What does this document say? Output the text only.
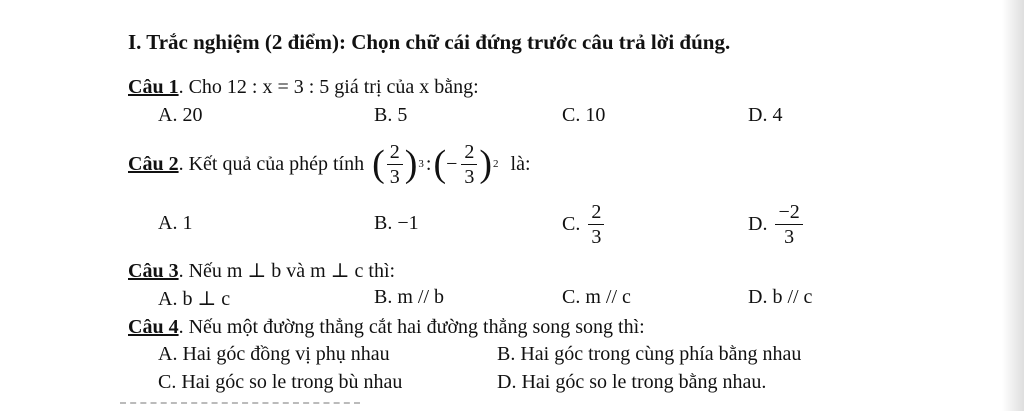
I. Trắc nghiệm (2 điểm): Chọn chữ cái đứng trước câu trả lời đúng.
Câu 1. Cho 12 : x = 3 : 5 giá trị của x bằng:
A. 20	B. 5	C. 10	D. 4
Câu 2 . Kết quả của phép tính ( $\frac{2}{3}$ ) 3 : ( − $\frac{2}{3}$ ) 2 là:
A. 1	B. −1	C. $\frac{2}{3}$	D. $\frac{-2}{3}$
Câu 3. Nếu m ⊥ b và m ⊥ c thì:
A. b ⊥ c	B. m // b	C. m // c	D. b // c
Câu 4. Nếu một đường thẳng cắt hai đường thẳng song song thì:
A. Hai góc đồng vị phụ nhau	B. Hai góc trong cùng phía bằng nhau
C. Hai góc so le trong bù nhau	D. Hai góc so le trong bằng nhau.
